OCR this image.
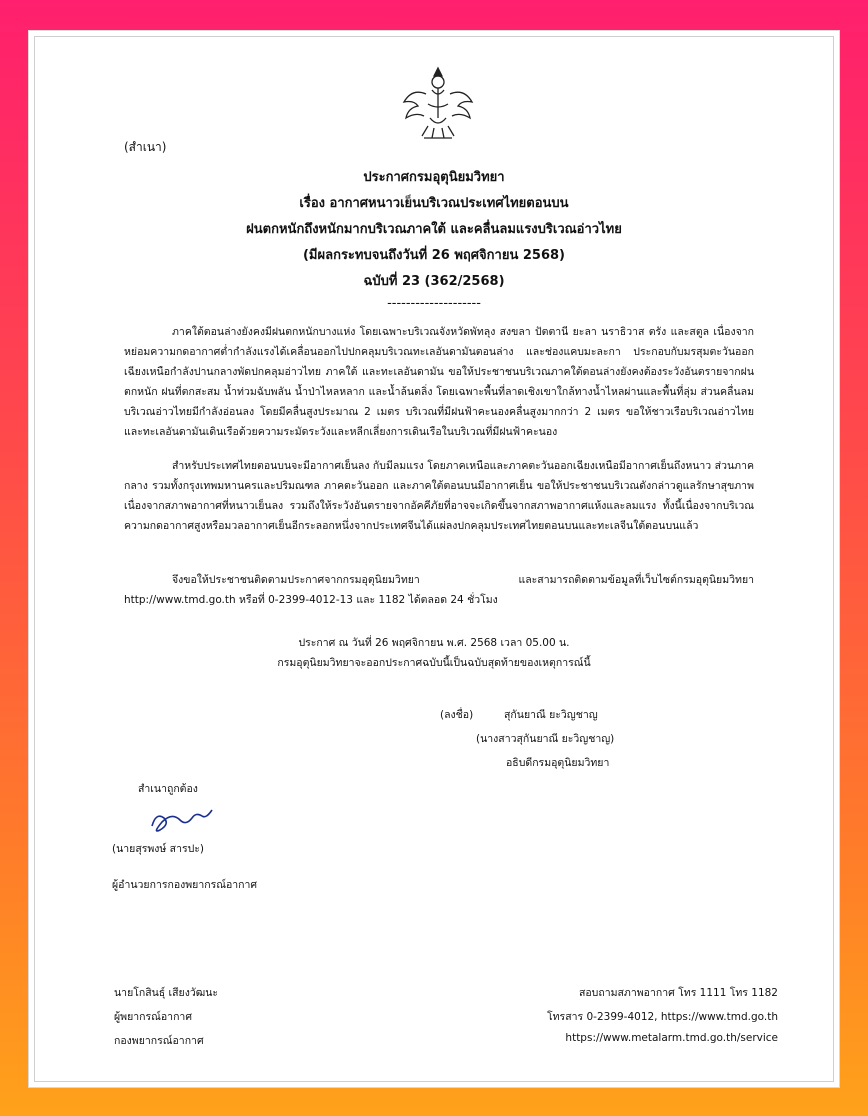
(สำเนา)
ประกาศกรมอุตุนิยมวิทยา
เรื่อง อากาศหนาวเย็นบริเวณประเทศไทยตอนบน
ฝนตกหนักถึงหนักมากบริเวณภาคใต้ และคลื่นลมแรงบริเวณอ่าวไทย
(มีผลกระทบจนถึงวันที่ 26 พฤศจิกายน 2568)
ฉบับที่ 23 (362/2568)
--------------------
ภาคใต้ตอนล่างยังคงมีฝนตกหนักบางแห่ง โดยเฉพาะบริเวณจังหวัดพัทลุง สงขลา ปัตตานี ยะลา นราธิวาส ตรัง และสตูล เนื่องจากหย่อมความกดอากาศต่ำกำลังแรงได้เคลื่อนออกไปปกคลุมบริเวณทะเลอันดามันตอนล่าง และช่องแคบมะละกา ประกอบกับมรสุมตะวันออกเฉียงเหนือกำลังปานกลางพัดปกคลุมอ่าวไทย ภาคใต้ และทะเลอันดามัน ขอให้ประชาชนบริเวณภาคใต้ตอนล่างยังคงต้องระวังอันตรายจากฝนตกหนัก ฝนที่ตกสะสม น้ำท่วมฉับพลัน น้ำป่าไหลหลาก และน้ำล้นตลิ่ง โดยเฉพาะพื้นที่ลาดเชิงเขาใกล้ทางน้ำไหลผ่านและพื้นที่ลุ่ม ส่วนคลื่นลมบริเวณอ่าวไทยมีกำลังอ่อนลง โดยมีคลื่นสูงประมาณ 2 เมตร บริเวณที่มีฝนฟ้าคะนองคลื่นสูงมากกว่า 2 เมตร ขอให้ชาวเรือบริเวณอ่าวไทยและทะเลอันดามันเดินเรือด้วยความระมัดระวังและหลีกเลี่ยงการเดินเรือในบริเวณที่มีฝนฟ้าคะนอง
สำหรับประเทศไทยตอนบนจะมีอากาศเย็นลง กับมีลมแรง โดยภาคเหนือและภาคตะวันออกเฉียงเหนือมีอากาศเย็นถึงหนาว ส่วนภาคกลาง รวมทั้งกรุงเทพมหานครและปริมณฑล ภาคตะวันออก และภาคใต้ตอนบนมีอากาศเย็น ขอให้ประชาชนบริเวณดังกล่าวดูแลรักษาสุขภาพเนื่องจากสภาพอากาศที่หนาวเย็นลง รวมถึงให้ระวังอันตรายจากอัคคีภัยที่อาจจะเกิดขึ้นจากสภาพอากาศแห้งและลมแรง ทั้งนี้เนื่องจากบริเวณความกดอากาศสูงหรือมวลอากาศเย็นอีกระลอกหนึ่งจากประเทศจีนได้แผ่ลงปกคลุมประเทศไทยตอนบนและทะเลจีนใต้ตอนบนแล้ว
จึงขอให้ประชาชนติดตามประกาศจากกรมอุตุนิยมวิทยา และสามารถติดตามข้อมูลที่เว็บไซต์กรมอุตุนิยมวิทยา http://www.tmd.go.th หรือที่ 0-2399-4012-13 และ 1182 ได้ตลอด 24 ชั่วโมง
ประกาศ ณ วันที่ 26 พฤศจิกายน พ.ศ. 2568 เวลา 05.00 น.
กรมอุตุนิยมวิทยาจะออกประกาศฉบับนี้เป็นฉบับสุดท้ายของเหตุการณ์นี้
(ลงชื่อ)	สุกันยาณี ยะวิญชาญ
(นางสาวสุกันยาณี ยะวิญชาญ)
อธิบดีกรมอุตุนิยมวิทยา
สำเนาถูกต้อง
(นายสุรพงษ์ สารปะ)
ผู้อำนวยการกองพยากรณ์อากาศ
นายโกสินธุ์ เสียงวัฒนะ
ผู้พยากรณ์อากาศ
กองพยากรณ์อากาศ
สอบถามสภาพอากาศ โทร 1111 โทร 1182
โทรสาร 0-2399-4012, https://www.tmd.go.th
https://www.metalarm.tmd.go.th/service
